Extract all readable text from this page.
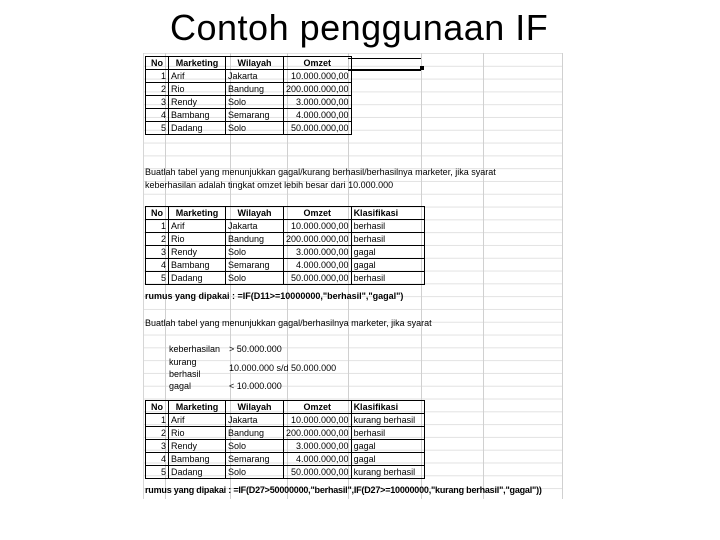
Contoh penggunaan IF
No	Marketing	Wilayah	Omzet
1	Arif	Jakarta	10.000.000,00
2	Rio	Bandung	200.000.000,00
3	Rendy	Solo	3.000.000,00
4	Bambang	Semarang	4.000.000,00
5	Dadang	Solo	50.000.000,00
Buatlah tabel yang menunjukkan gagal/kurang berhasil/berhasilnya marketer, jika syarat
keberhasilan adalah tingkat omzet lebih besar dari 10.000.000
No	Marketing	Wilayah	Omzet	Klasifikasi
1	Arif	Jakarta	10.000.000,00	berhasil
2	Rio	Bandung	200.000.000,00	berhasil
3	Rendy	Solo	3.000.000,00	gagal
4	Bambang	Semarang	4.000.000,00	gagal
5	Dadang	Solo	50.000.000,00	berhasil
rumus yang dipakai : =IF(D11>=10000000,"berhasil","gagal")
Buatlah tabel yang menunjukkan gagal/berhasilnya marketer, jika syarat
keberhasilan	> 50.000.000
kurang berhasil	10.000.000 s/d 50.000.000
gagal	< 10.000.000
No	Marketing	Wilayah	Omzet	Klasifikasi
1	Arif	Jakarta	10.000.000,00	kurang berhasil
2	Rio	Bandung	200.000.000,00	berhasil
3	Rendy	Solo	3.000.000,00	gagal
4	Bambang	Semarang	4.000.000,00	gagal
5	Dadang	Solo	50.000.000,00	kurang berhasil
rumus yang dipakai : =IF(D27>50000000,"berhasil",IF(D27>=10000000,"kurang berhasil","gagal"))
